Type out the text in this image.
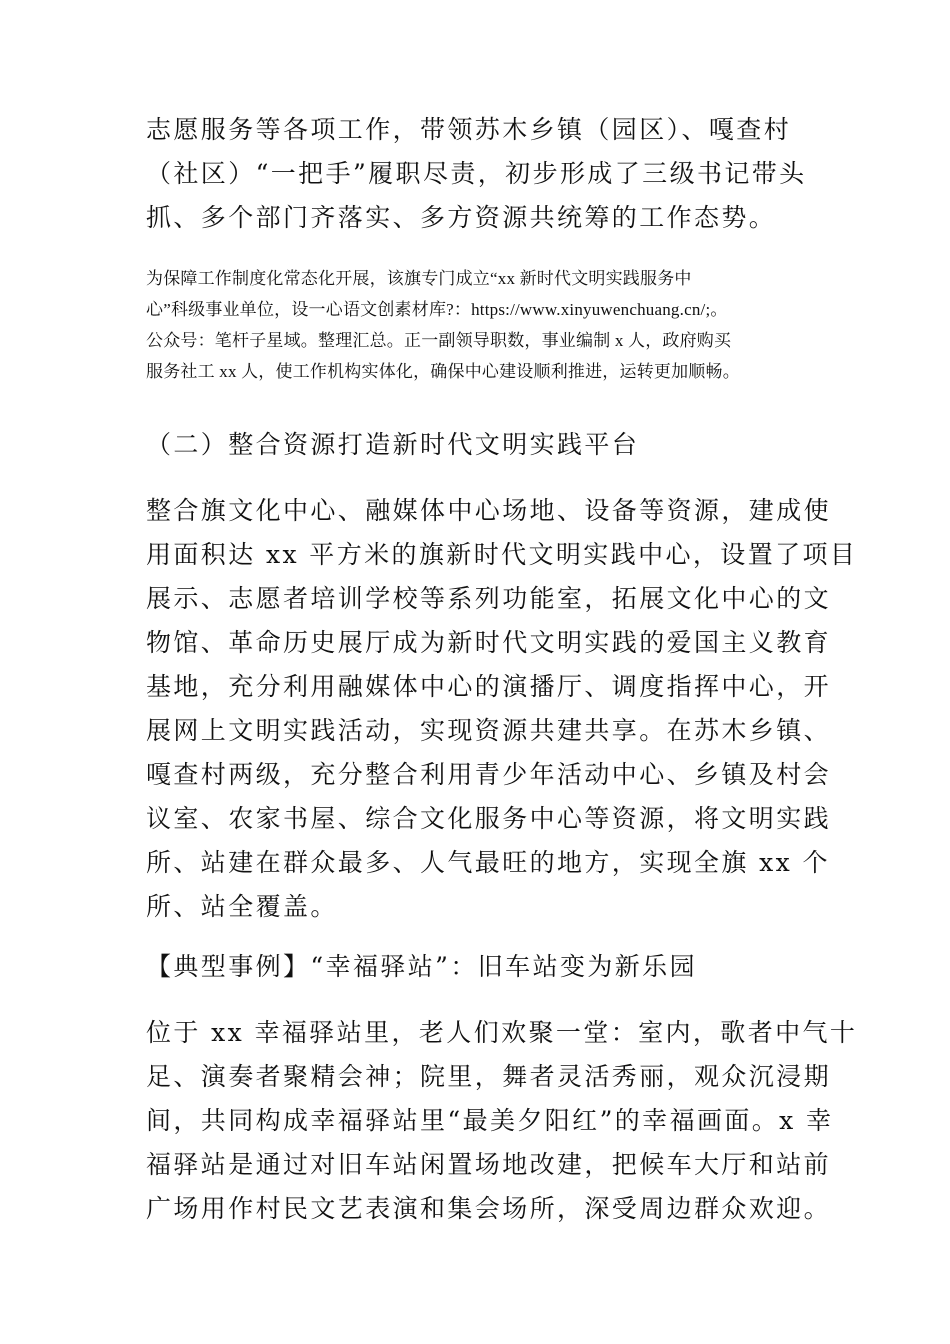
志愿服务等各项工作，带领苏木乡镇（园区）、嘎查村
（社区）“一把手”履职尽责，初步形成了三级书记带头
抓、多个部门齐落实、多方资源共统筹的工作态势。
为保障工作制度化常态化开展，该旗专门成立“xx 新时代文明实践服务中
心”科级事业单位，设一心语文创素材库?：https://www.xinyuwenchuang.cn/;。
公众号：笔杆子星域。整理汇总。正一副领导职数，事业编制 x 人，政府购买
服务社工 xx 人，使工作机构实体化，确保中心建设顺利推进，运转更加顺畅。
（二）整合资源打造新时代文明实践平台
整合旗文化中心、融媒体中心场地、设备等资源，建成使
用面积达 xx 平方米的旗新时代文明实践中心，设置了项目
展示、志愿者培训学校等系列功能室，拓展文化中心的文
物馆、革命历史展厅成为新时代文明实践的爱国主义教育
基地，充分利用融媒体中心的演播厅、调度指挥中心，开
展网上文明实践活动，实现资源共建共享。在苏木乡镇、
嘎查村两级，充分整合利用青少年活动中心、乡镇及村会
议室、农家书屋、综合文化服务中心等资源，将文明实践
所、站建在群众最多、人气最旺的地方，实现全旗 xx 个
所、站全覆盖。
【典型事例】“幸福驿站”：旧车站变为新乐园
位于 xx 幸福驿站里，老人们欢聚一堂：室内，歌者中气十
足、演奏者聚精会神；院里，舞者灵活秀丽，观众沉浸期
间，共同构成幸福驿站里“最美夕阳红”的幸福画面。x 幸
福驿站是通过对旧车站闲置场地改建，把候车大厅和站前
广场用作村民文艺表演和集会场所，深受周边群众欢迎。
